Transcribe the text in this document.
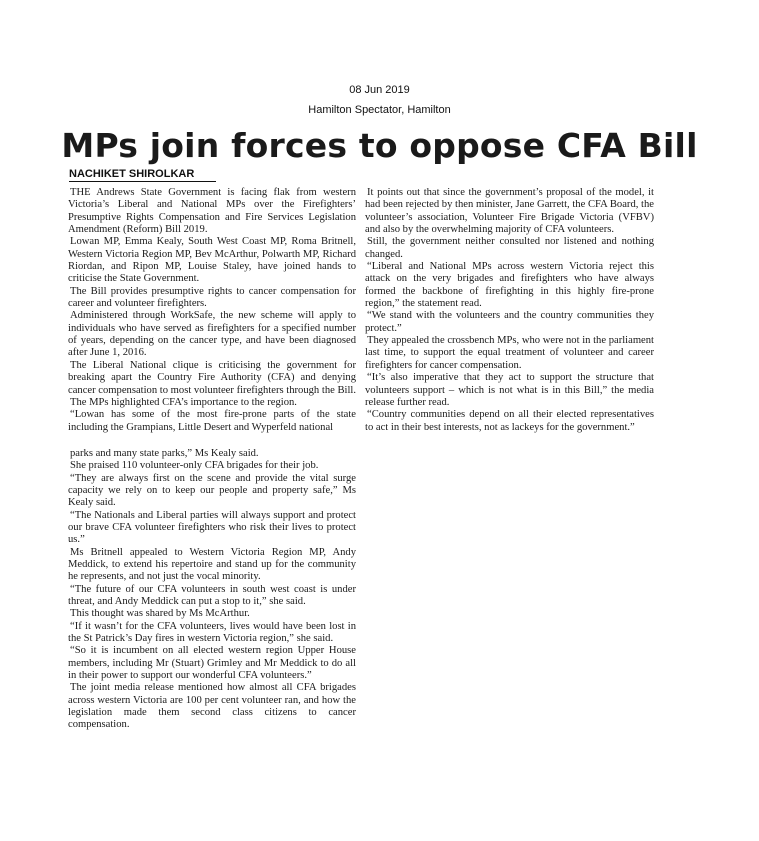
08 Jun 2019
Hamilton Spectator, Hamilton
MPs join forces to oppose CFA Bill
NACHIKET SHIROLKAR

THE Andrews State Government is facing flak from western Victoria’s Liberal and National MPs over the Firefighters’ Presumptive Rights Compensation and Fire Services Legislation Amendment (Reform) Bill 2019.

Lowan MP, Emma Kealy, South West Coast MP, Roma Britnell, Western Victoria Region MP, Bev McArthur, Polwarth MP, Richard Riordan, and Ripon MP, Louise Staley, have joined hands to criticise the State Government.

The Bill provides presumptive rights to cancer compensation for career and volunteer firefighters.

Administered through WorkSafe, the new scheme will apply to individuals who have served as firefighters for a specified number of years, depending on the cancer type, and have been diagnosed after June 1, 2016.

The Liberal National clique is criticising the government for breaking apart the Country Fire Authority (CFA) and denying cancer compensation to most volunteer firefighters through the Bill.

The MPs highlighted CFA’s importance to the region.

“Lowan has some of the most fire-prone parts of the state including the Grampians, Little Desert and Wyperfeld national

parks and many state parks,” Ms Kealy said.

She praised 110 volunteer-only CFA brigades for their job.

“They are always first on the scene and provide the vital surge capacity we rely on to keep our people and property safe,” Ms Kealy said.

“The Nationals and Liberal parties will always support and protect our brave CFA volunteer firefighters who risk their lives to protect us.”

Ms Britnell appealed to Western Victoria Region MP, Andy Meddick, to extend his repertoire and stand up for the community he represents, and not just the vocal minority.

“The future of our CFA volunteers in south west coast is under threat, and Andy Meddick can put a stop to it,” she said.

This thought was shared by Ms McArthur.

“If it wasn’t for the CFA volunteers, lives would have been lost in the St Patrick’s Day fires in western Victoria region,” she said.

“So it is incumbent on all elected western region Upper House members, including Mr (Stuart) Grimley and Mr Meddick to do all in their power to support our wonderful CFA volunteers.”

The joint media release mentioned how almost all CFA brigades across western Victoria are 100 per cent volunteer ran, and how the legislation made them second class citizens to cancer compensation.

It points out that since the government’s proposal of the model, it had been rejected by then minister, Jane Garrett, the CFA Board, the volunteer’s association, Volunteer Fire Brigade Victoria (VFBV) and also by the overwhelming majority of CFA volunteers.

Still, the government neither consulted nor listened and nothing changed.

“Liberal and National MPs across western Victoria reject this attack on the very brigades and firefighters who have always formed the backbone of firefighting in this highly fire-prone region,” the statement read.

“We stand with the volunteers and the country communities they protect.”

They appealed the crossbench MPs, who were not in the parliament last time, to support the equal treatment of volunteer and career firefighters for cancer compensation.

“It’s also imperative that they act to support the structure that volunteers support – which is not what is in this Bill,” the media release further read.

“Country communities depend on all their elected representatives to act in their best interests, not as lackeys for the government.”
